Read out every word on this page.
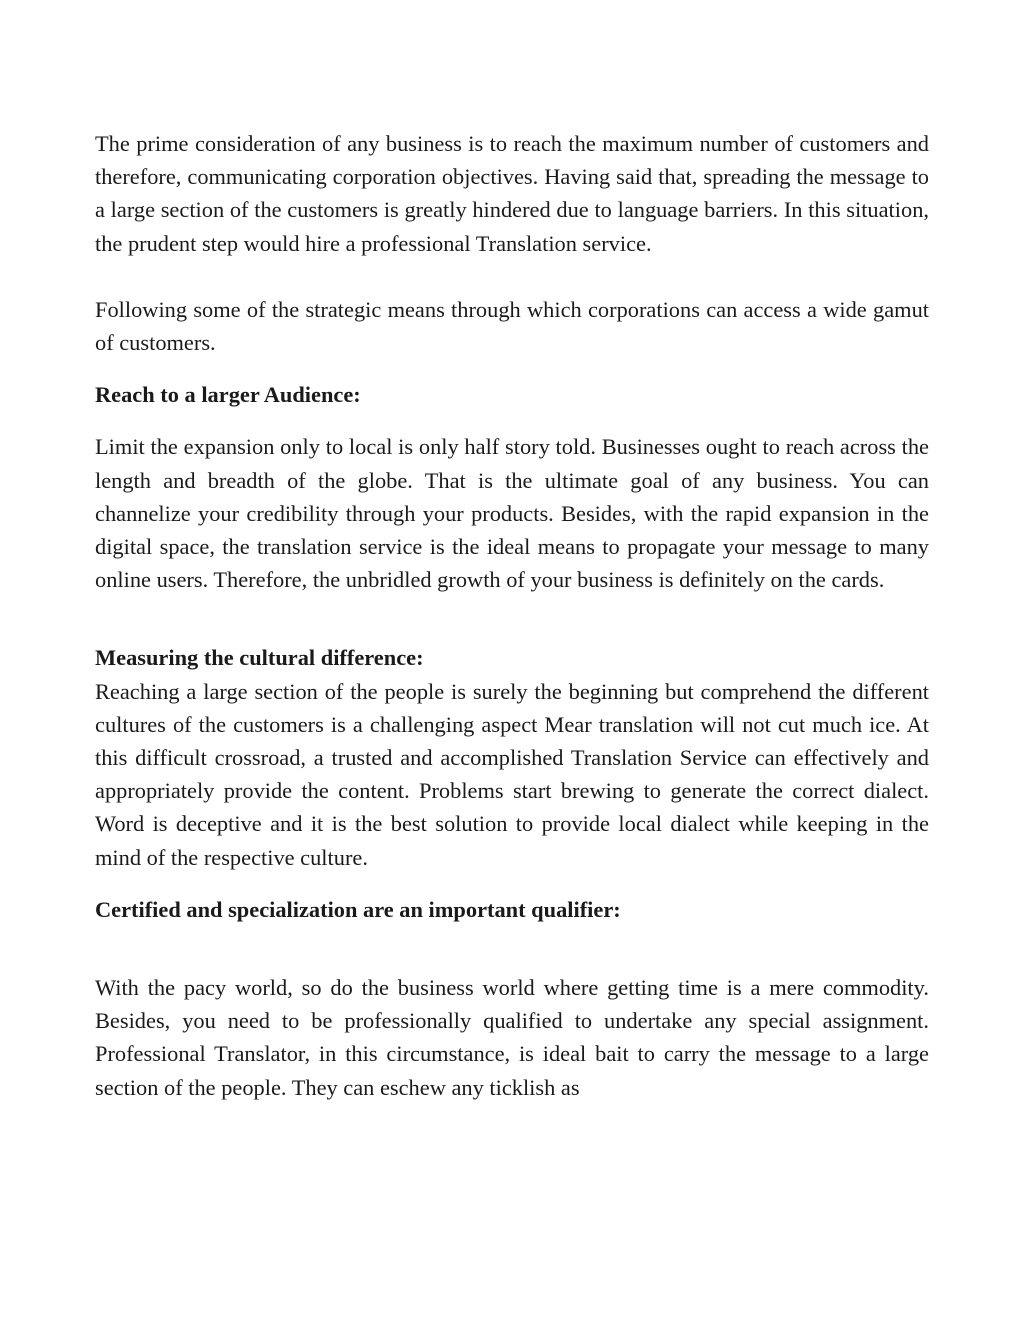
The prime consideration of any business is to reach the maximum number of customers and therefore, communicating corporation objectives. Having said that, spreading the message to a large section of the customers is greatly hindered due to language barriers. In this situation, the prudent step would hire a professional Translation service.

Following some of the strategic means through which corporations can access a wide gamut of customers.

Reach to a larger Audience:

Limit the expansion only to local is only half story told. Businesses ought to reach across the length and breadth of the globe. That is the ultimate goal of any business. You can channelize your credibility through your products. Besides, with the rapid expansion in the digital space, the translation service is the ideal means to propagate your message to many online users. Therefore, the unbridled growth of your business is definitely on the cards.

Measuring the cultural difference:

Reaching a large section of the people is surely the beginning but comprehend the different cultures of the customers is a challenging aspect Mear translation will not cut much ice. At this difficult crossroad, a trusted and accomplished Translation Service can effectively and appropriately provide the content. Problems start brewing to generate the correct dialect. Word is deceptive and it is the best solution to provide local dialect while keeping in the mind of the respective culture.

Certified and specialization are an important qualifier:

With the pacy world, so do the business world where getting time is a mere commodity. Besides, you need to be professionally qualified to undertake any special assignment. Professional Translator, in this circumstance, is ideal bait to carry the message to a large section of the people. They can eschew any ticklish as
